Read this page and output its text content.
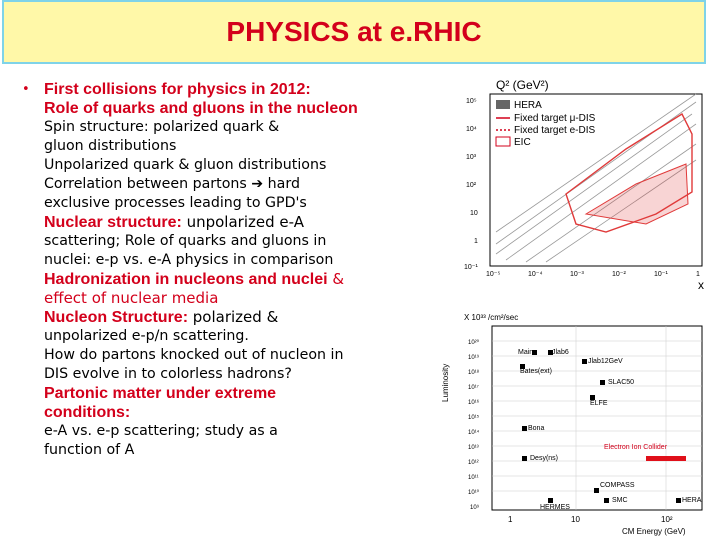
PHYSICS at e.RHIC
• First collisions for physics in 2012:
Role of quarks and gluons in the nucleon
Spin structure: polarized quark &
gluon distributions
Unpolarized quark & gluon distributions
Correlation between partons ➔ hard
exclusive processes leading to GPD's
Nuclear structure: unpolarized e-A
scattering; Role of quarks and gluons in
nuclei: e-p vs. e-A physics in comparison
Hadronization in nucleons and nuclei &
effect of nuclear media
Nucleon Structure: polarized &
unpolarized e-p/n scattering.
How do partons knocked out of nucleon in
DIS evolve in to colorless hadrons?
Partonic matter under extreme
conditions:
e-A vs. e-p scattering; study as a
function of A
Q² (GeV²)
x
10⁵
10⁴
10³
10²
10
1
10⁻¹
10⁻⁵	10⁻⁴	10⁻³	10⁻²	10⁻¹	1
HERA
Fixed target μ-DIS
Fixed target e-DIS
EIC
X 10³³ /cm²/sec
Luminosity
10²⁰
10¹⁹
10¹⁸
10¹⁷
10¹⁶
10¹⁵
10¹⁴
10¹³
10¹²
10¹¹
10¹⁰
10⁹
1	10	10²
CM Energy (GeV)
Mainz Jlab6
Jlab12GeV
Bates(ext)
SLAC50
ELFE
Bona
Desy(ns)
Electron Ion Collider
COMPASS
HERMES
SMC	HERA
